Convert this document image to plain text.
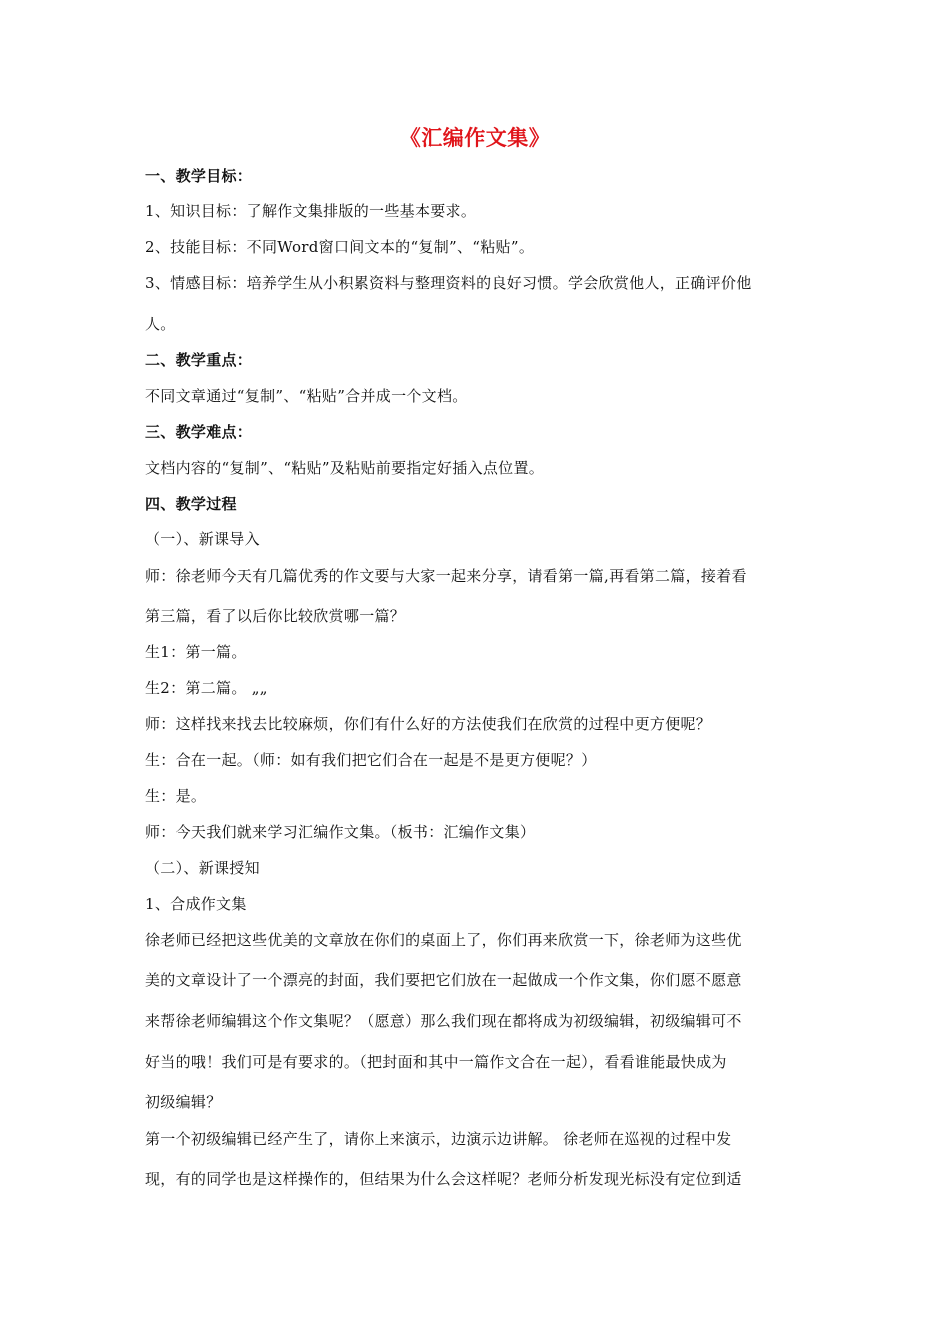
《汇编作文集》
一、教学目标：
1、知识目标：了解作文集排版的一些基本要求。
2、技能目标：不同Word窗口间文本的“复制”、“粘贴”。
3、情感目标：培养学生从小积累资料与整理资料的良好习惯。学会欣赏他人，正确评价他
人。
二、教学重点：
不同文章通过“复制”、“粘贴”合并成一个文档。
三、教学难点：
文档内容的“复制”、“粘贴”及粘贴前要指定好插入点位置。
四、教学过程
（一）、新课导入
师：徐老师今天有几篇优秀的作文要与大家一起来分享，请看第一篇,再看第二篇，接着看
第三篇，看了以后你比较欣赏哪一篇？
生1：第一篇。
生2：第二篇。 „„
师：这样找来找去比较麻烦，你们有什么好的方法使我们在欣赏的过程中更方便呢？
生：合在一起。（师：如有我们把它们合在一起是不是更方便呢？）
生：是。
师：今天我们就来学习汇编作文集。（板书：汇编作文集）
（二）、新课授知
1、合成作文集
徐老师已经把这些优美的文章放在你们的桌面上了，你们再来欣赏一下，徐老师为这些优
美的文章设计了一个漂亮的封面，我们要把它们放在一起做成一个作文集，你们愿不愿意
来帮徐老师编辑这个作文集呢？（愿意）那么我们现在都将成为初级编辑，初级编辑可不
好当的哦！我们可是有要求的。（把封面和其中一篇作文合在一起），看看谁能最快成为
初级编辑？
第一个初级编辑已经产生了，请你上来演示，边演示边讲解。 徐老师在巡视的过程中发
现，有的同学也是这样操作的，但结果为什么会这样呢？老师分析发现光标没有定位到适
